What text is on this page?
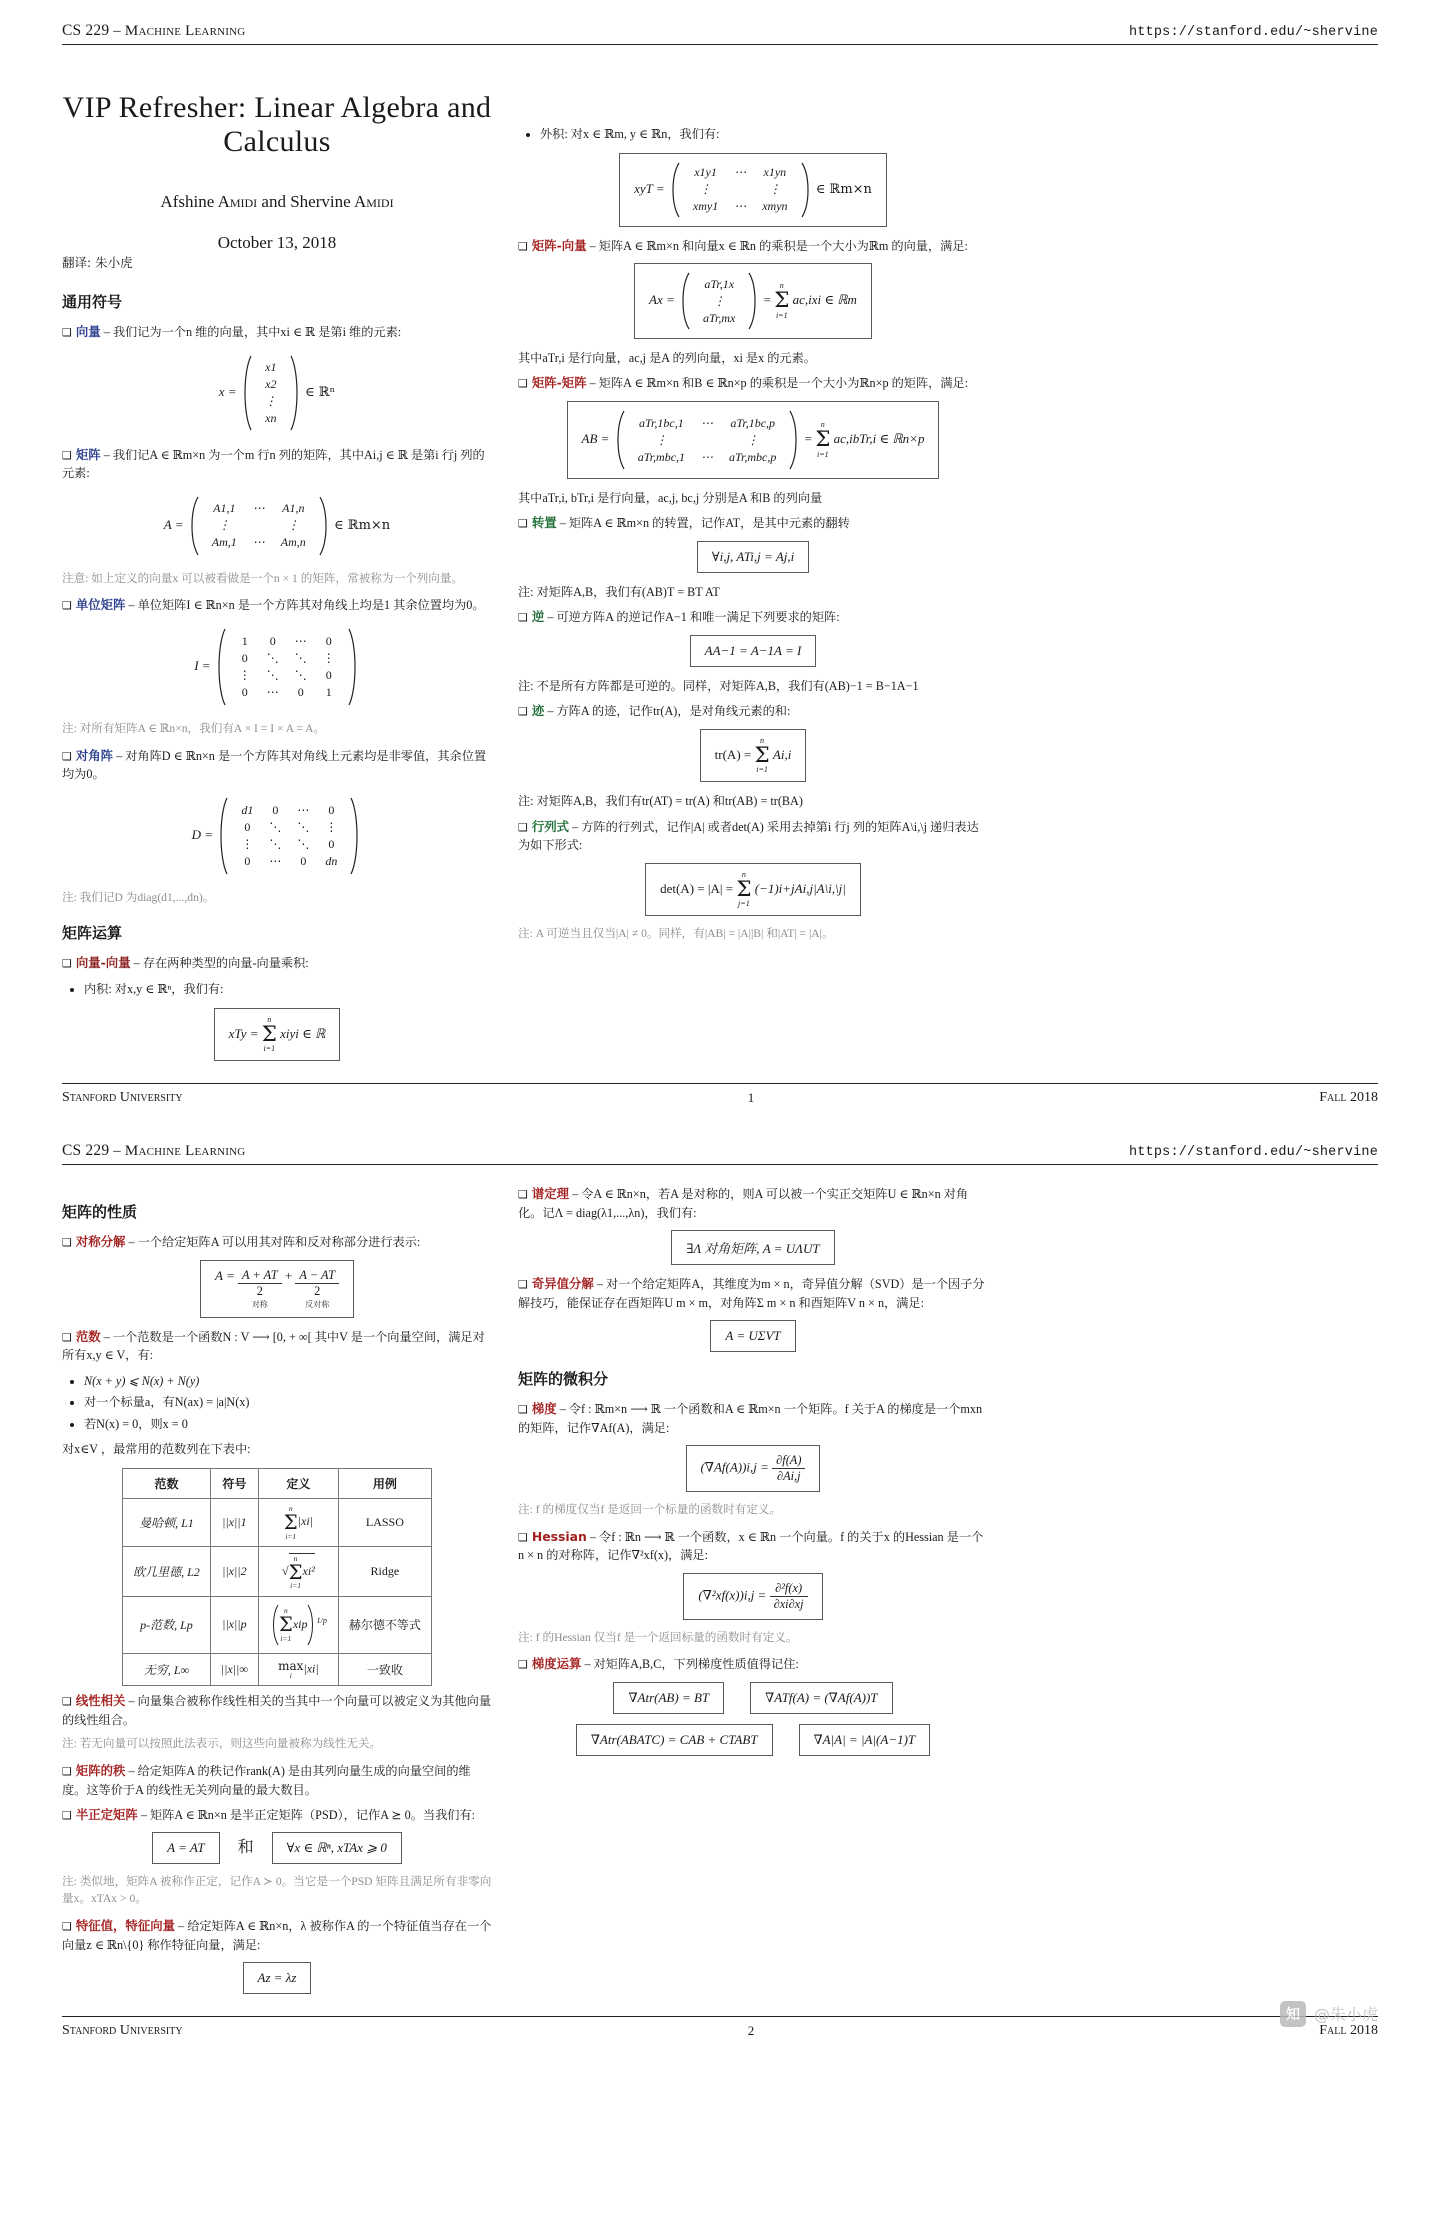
CS 229 – Machine Learning	https://stanford.edu/~shervine
VIP Refresher: Linear Algebra and Calculus
Afshine Amidi and Shervine Amidi
October 13, 2018
翻译: 朱小虎
通用符号

❑ 向量 – 我们记为一个n 维的向量，其中xi ∈ ℝ 是第i 维的元素:

x =
x1
x2
⋮
xn
∈ ℝⁿ

❑ 矩阵 – 我们记A ∈ ℝm×n 为一个m 行n 列的矩阵，其中Ai,j ∈ ℝ 是第i 行j 列的元素:

A =
A1,1	⋯	A1,n
⋮	⋮
Am,1	⋯	Am,n
∈ ℝm×n

注意: 如上定义的向量x 可以被看做是一个n × 1 的矩阵，常被称为一个列向量。

❑ 单位矩阵 – 单位矩阵I ∈ ℝn×n 是一个方阵其对角线上均是1 其余位置均为0。

I =
1	0	⋯	0
0	⋱	⋱	⋮
⋮	⋱	⋱	0
0	⋯	0	1

注: 对所有矩阵A ∈ ℝn×n，我们有A × I = I × A = A。

❑ 对角阵 – 对角阵D ∈ ℝn×n 是一个方阵其对角线上元素均是非零值，其余位置均为0。

D =
d1	0	⋯	0
0	⋱	⋱	⋮
⋮	⋱	⋱	0
0	⋯	0	dn

注: 我们记D 为diag(d1,...,dn)。

矩阵运算

❑ 向量-向量 – 存在两种类型的向量-向量乘积:

• 内积: 对x,y ∈ ℝⁿ，我们有:
xTy =
n
Σ
i=1
xiyi ∈ ℝ
• 外积: 对x ∈ ℝm, y ∈ ℝn，我们有:
xyT =
x1y1	⋯	x1yn
⋮	⋮
xmy1	⋯	xmyn
∈ ℝm×n

❑ 矩阵-向量 – 矩阵A ∈ ℝm×n 和向量x ∈ ℝn 的乘积是一个大小为ℝm 的向量，满足:

Ax =
aTr,1x
⋮
aTr,mx
=
n
Σ
i=1
ac,ixi ∈ ℝm

其中aTr,i 是行向量，ac,j 是A 的列向量，xi 是x 的元素。

❑ 矩阵-矩阵 – 矩阵A ∈ ℝm×n 和B ∈ ℝn×p 的乘积是一个大小为ℝn×p 的矩阵，满足:

AB =
aTr,1bc,1	⋯	aTr,1bc,p
⋮	⋮
aTr,mbc,1	⋯	aTr,mbc,p
=
n
Σ
i=1
ac,ibTr,i ∈ ℝn×p

其中aTr,i, bTr,i 是行向量，ac,j, bc,j 分别是A 和B 的列向量

❑ 转置 – 矩阵A ∈ ℝm×n 的转置，记作AT，是其中元素的翻转

∀i,j, ATi,j = Aj,i

注: 对矩阵A,B，我们有(AB)T = BT AT

❑ 逆 – 可逆方阵A 的逆记作A−1 和唯一满足下列要求的矩阵:

AA−1 = A−1A = I

注: 不是所有方阵都是可逆的。同样，对矩阵A,B，我们有(AB)−1 = B−1A−1

❑ 迹 – 方阵A 的迹，记作tr(A)，是对角线元素的和:

tr(A) =
n
Σ
i=1
Ai,i

注: 对矩阵A,B，我们有tr(AT) = tr(A) 和tr(AB) = tr(BA)

❑ 行列式 – 方阵的行列式，记作|A| 或者det(A) 采用去掉第i 行j 列的矩阵A\i,\j 递归表达为如下形式:

det(A) = |A| =
n
Σ
j=1
(−1)i+jAi,j|A\i,\j|

注: A 可逆当且仅当|A| ≠ 0。同样，有|AB| = |A||B| 和|AT| = |A|。

Stanford University	1	Fall 2018
CS 229 – Machine Learning	https://stanford.edu/~shervine
矩阵的性质

❑ 对称分解 – 一个给定矩阵A 可以用其对阵和反对称部分进行表示:

$A = \frac{A + AT}{2}$
对称
+ $\frac{A - AT}{2}$
反对称

❑ 范数 – 一个范数是一个函数N : V ⟶ [0, + ∞[ 其中V 是一个向量空间，满足对所有x,y ∈ V，有:

• N(x + y) ⩽ N(x) + N(y)
• 对一个标量a，有N(ax) = |a|N(x)
• 若N(x) = 0，则x = 0

对x∈V ，最常用的范数列在下表中:

范数	符号	定义	用例
曼哈顿, L1	||x||1	n
Σ
i=1
|xi|	LASSO
欧几里德, L2	||x||2	√
n
Σ
i=1
xi²	Ridge
p-范数, Lp	||x||p	n
Σ
i=1
xip $^{1/p}$	赫尔德不等式
无穷, L∞	||x||∞	max
i
|xi|	一致收

❑ 线性相关 – 向量集合被称作线性相关的当其中一个向量可以被定义为其他向量的线性组合。

注: 若无向量可以按照此法表示，则这些向量被称为线性无关。

❑ 矩阵的秩 – 给定矩阵A 的秩记作rank(A) 是由其列向量生成的向量空间的维度。这等价于A 的线性无关列向量的最大数目。

❑ 半正定矩阵 – 矩阵A ∈ ℝn×n 是半正定矩阵（PSD），记作A ⪰ 0。当我们有:

A = AT 和	∀x ∈ ℝⁿ, xTAx ⩾ 0

注: 类似地，矩阵A 被称作正定，记作A ≻ 0。当它是一个PSD 矩阵且满足所有非零向量x。xTAx > 0。

❑ 特征值，特征向量 – 给定矩阵A ∈ ℝn×n，λ 被称作A 的一个特征值当存在一个向量z ∈ ℝn\{0} 称作特征向量，满足:

Az = λz

❑ 谱定理 – 令A ∈ ℝn×n，若A 是对称的，则A 可以被一个实正交矩阵U ∈ ℝn×n 对角化。记Λ = diag(λ1,...,λn)，我们有:

∃Λ 对角矩阵, A = UΛUT

❑ 奇异值分解 – 对一个给定矩阵A，其维度为m × n，奇异值分解（SVD）是一个因子分解技巧，能保证存在酉矩阵U m × m，对角阵Σ m × n 和酉矩阵V n × n，满足:

A = UΣVT
矩阵的微积分

❑ 梯度 – 令f : ℝm×n ⟶ ℝ 一个函数和A ∈ ℝm×n 一个矩阵。f 关于A 的梯度是一个mxn 的矩阵，记作∇Af(A)，满足:

$(\nabla Af(A))i,j = \frac{\partial f(A)}{\partial Ai,j}$

注: f 的梯度仅当f 是返回一个标量的函数时有定义。

❑ Hessian – 令f : ℝn ⟶ ℝ 一个函数，x ∈ ℝn 一个向量。f 的关于x 的Hessian 是一个n × n 的对称阵，记作∇²xf(x)，满足:

$(\nabla^2xf(x))i,j = \frac{\text{∂²f(x)}}{\partial xi\partial xj}$

注: f 的Hessian 仅当f 是一个返回标量的函数时有定义。

❑ 梯度运算 – 对矩阵A,B,C，下列梯度性质值得记住:

∇Atr(AB) = BT	∇ATf(A) = (∇Af(A))T
∇Atr(ABATC) = CAB + CTABT	∇A|A| = |A|(A−1)T
Stanford University	2	Fall 2018
知 @朱小虎
